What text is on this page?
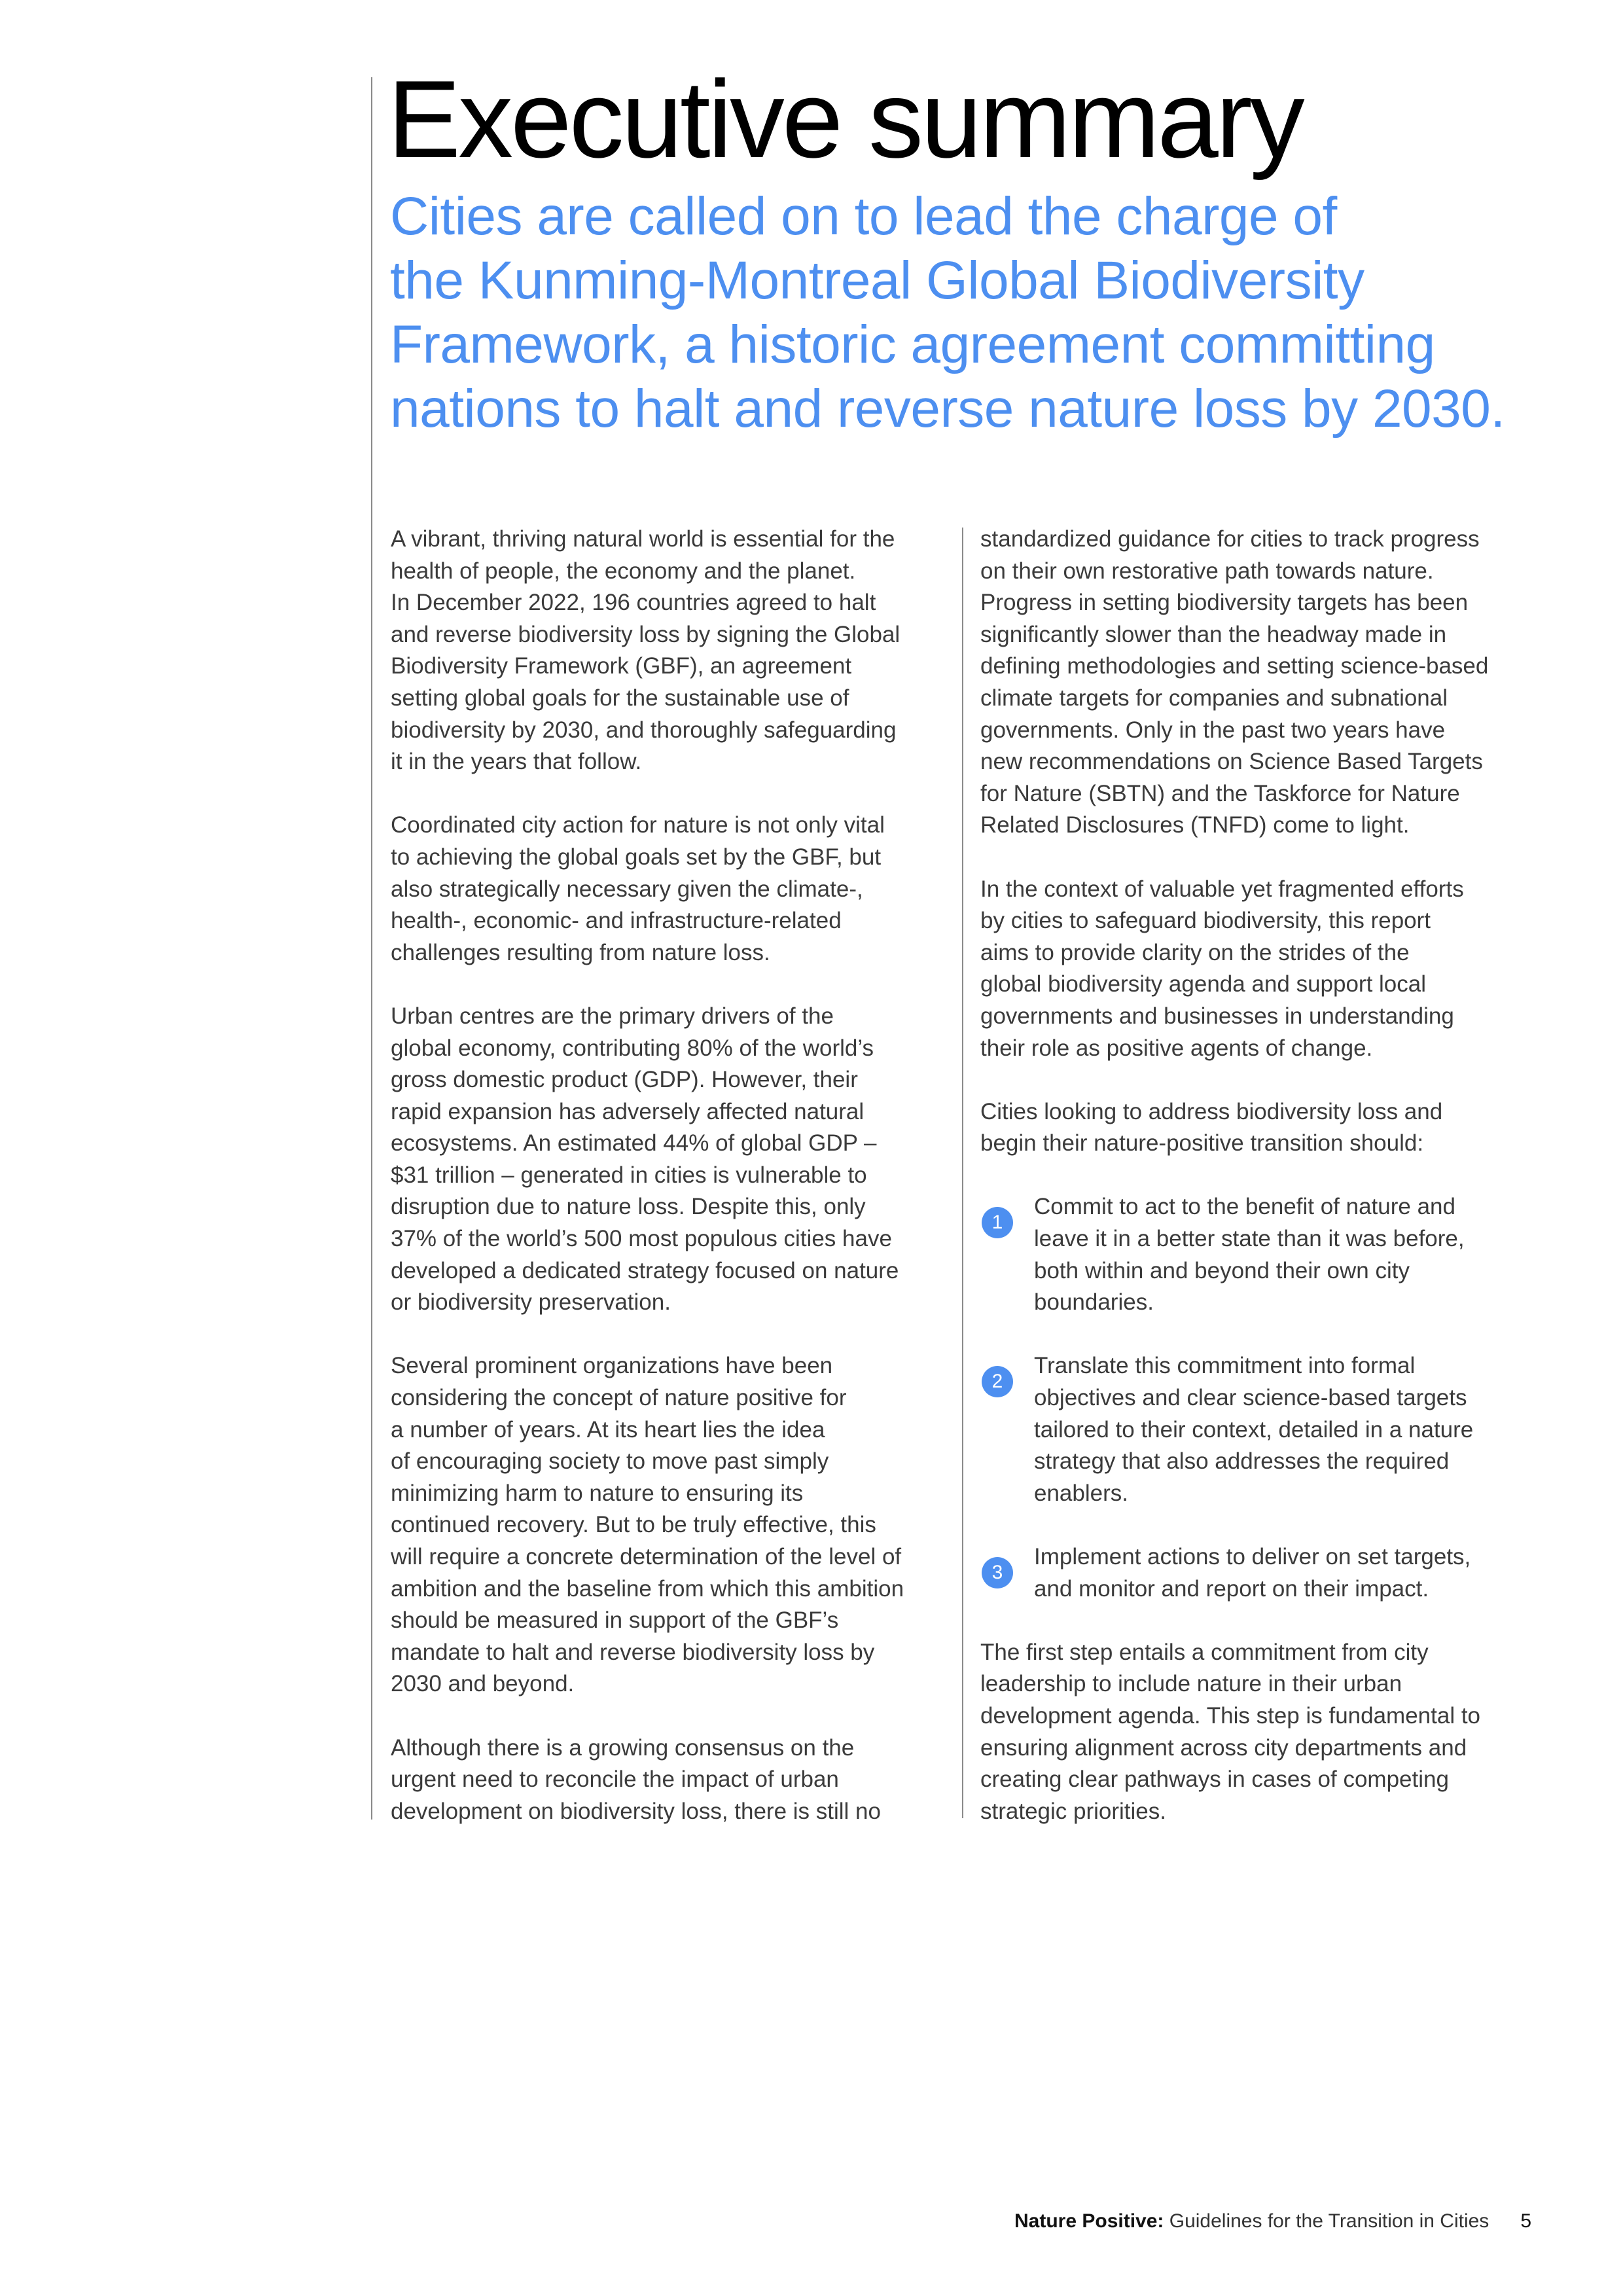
Executive summary
Cities are called on to lead the charge of
the Kunming-Montreal Global Biodiversity
Framework, a historic agreement committing
nations to halt and reverse nature loss by 2030.

A vibrant, thriving natural world is essential for the
health of people, the economy and the planet.
In December 2022, 196 countries agreed to halt
and reverse biodiversity loss by signing the Global
Biodiversity Framework (GBF), an agreement
setting global goals for the sustainable use of
biodiversity by 2030, and thoroughly safeguarding
it in the years that follow.

Coordinated city action for nature is not only vital
to achieving the global goals set by the GBF, but
also strategically necessary given the climate-,
health-, economic- and infrastructure-related
challenges resulting from nature loss.

Urban centres are the primary drivers of the
global economy, contributing 80% of the world’s
gross domestic product (GDP). However, their
rapid expansion has adversely affected natural
ecosystems. An estimated 44% of global GDP –
$31 trillion – generated in cities is vulnerable to
disruption due to nature loss. Despite this, only
37% of the world’s 500 most populous cities have
developed a dedicated strategy focused on nature
or biodiversity preservation.

Several prominent organizations have been
considering the concept of nature positive for
a number of years. At its heart lies the idea
of encouraging society to move past simply
minimizing harm to nature to ensuring its
continued recovery. But to be truly effective, this
will require a concrete determination of the level of
ambition and the baseline from which this ambition
should be measured in support of the GBF’s
mandate to halt and reverse biodiversity loss by
2030 and beyond.

Although there is a growing consensus on the
urgent need to reconcile the impact of urban
development on biodiversity loss, there is still no

standardized guidance for cities to track progress
on their own restorative path towards nature.
Progress in setting biodiversity targets has been
significantly slower than the headway made in
defining methodologies and setting science-based
climate targets for companies and subnational
governments. Only in the past two years have
new recommendations on Science Based Targets
for Nature (SBTN) and the Taskforce for Nature
Related Disclosures (TNFD) come to light.

In the context of valuable yet fragmented efforts
by cities to safeguard biodiversity, this report
aims to provide clarity on the strides of the
global biodiversity agenda and support local
governments and businesses in understanding
their role as positive agents of change.

Cities looking to address biodiversity loss and
begin their nature-positive transition should:

1
Commit to act to the benefit of nature and
leave it in a better state than it was before,
both within and beyond their own city
boundaries.
2
Translate this commitment into formal
objectives and clear science-based targets
tailored to their context, detailed in a nature
strategy that also addresses the required
enablers.
3
Implement actions to deliver on set targets,
and monitor and report on their impact.

The first step entails a commitment from city
leadership to include nature in their urban
development agenda. This step is fundamental to
ensuring alignment across city departments and
creating clear pathways in cases of competing
strategic priorities.

Nature Positive: Guidelines for the Transition in Cities 5
